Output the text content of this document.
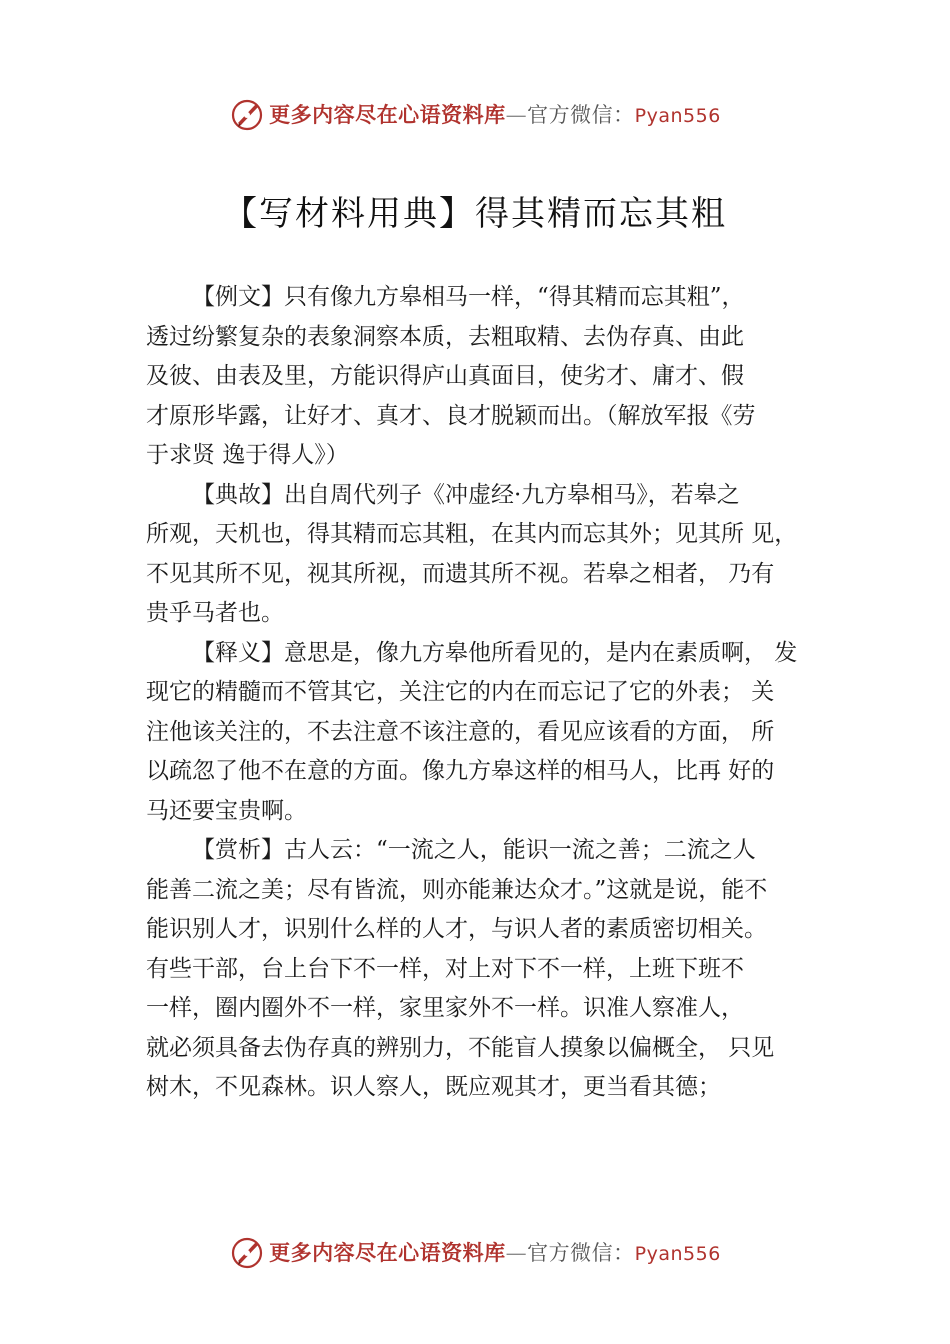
更多内容尽在心语资料库—官方微信：Pyan556
【写材料用典】得其精而忘其粗

【例文】只有像九方皋相马一样，“得其精而忘其粗”，
透过纷繁复杂的表象洞察本质，去粗取精、去伪存真、由此
及彼、由表及里，方能识得庐山真面目，使劣才、庸才、假
才原形毕露，让好才、真才、良才脱颖而出。（解放军报《劳
于求贤 逸于得人》）

【典故】出自周代列子《冲虚经·九方皋相马》，若皋之
所观，天机也，得其精而忘其粗，在其内而忘其外；见其所 见，
不见其所不见，视其所视，而遗其所不视。若皋之相者， 乃有
贵乎马者也。

【释义】意思是，像九方皋他所看见的，是内在素质啊， 发
现它的精髓而不管其它，关注它的内在而忘记了它的外表； 关
注他该关注的，不去注意不该注意的，看见应该看的方面， 所
以疏忽了他不在意的方面。像九方皋这样的相马人，比再 好的
马还要宝贵啊。

【赏析】古人云：“一流之人，能识一流之善；二流之人
能善二流之美；尽有皆流，则亦能兼达众才。”这就是说，能不
能识别人才，识别什么样的人才，与识人者的素质密切相关。
有些干部，台上台下不一样，对上对下不一样，上班下班不
一样，圈内圈外不一样，家里家外不一样。识准人察准人，
就必须具备去伪存真的辨别力，不能盲人摸象以偏概全， 只见
树木，不见森林。识人察人，既应观其才，更当看其德；

更多内容尽在心语资料库—官方微信：Pyan556
